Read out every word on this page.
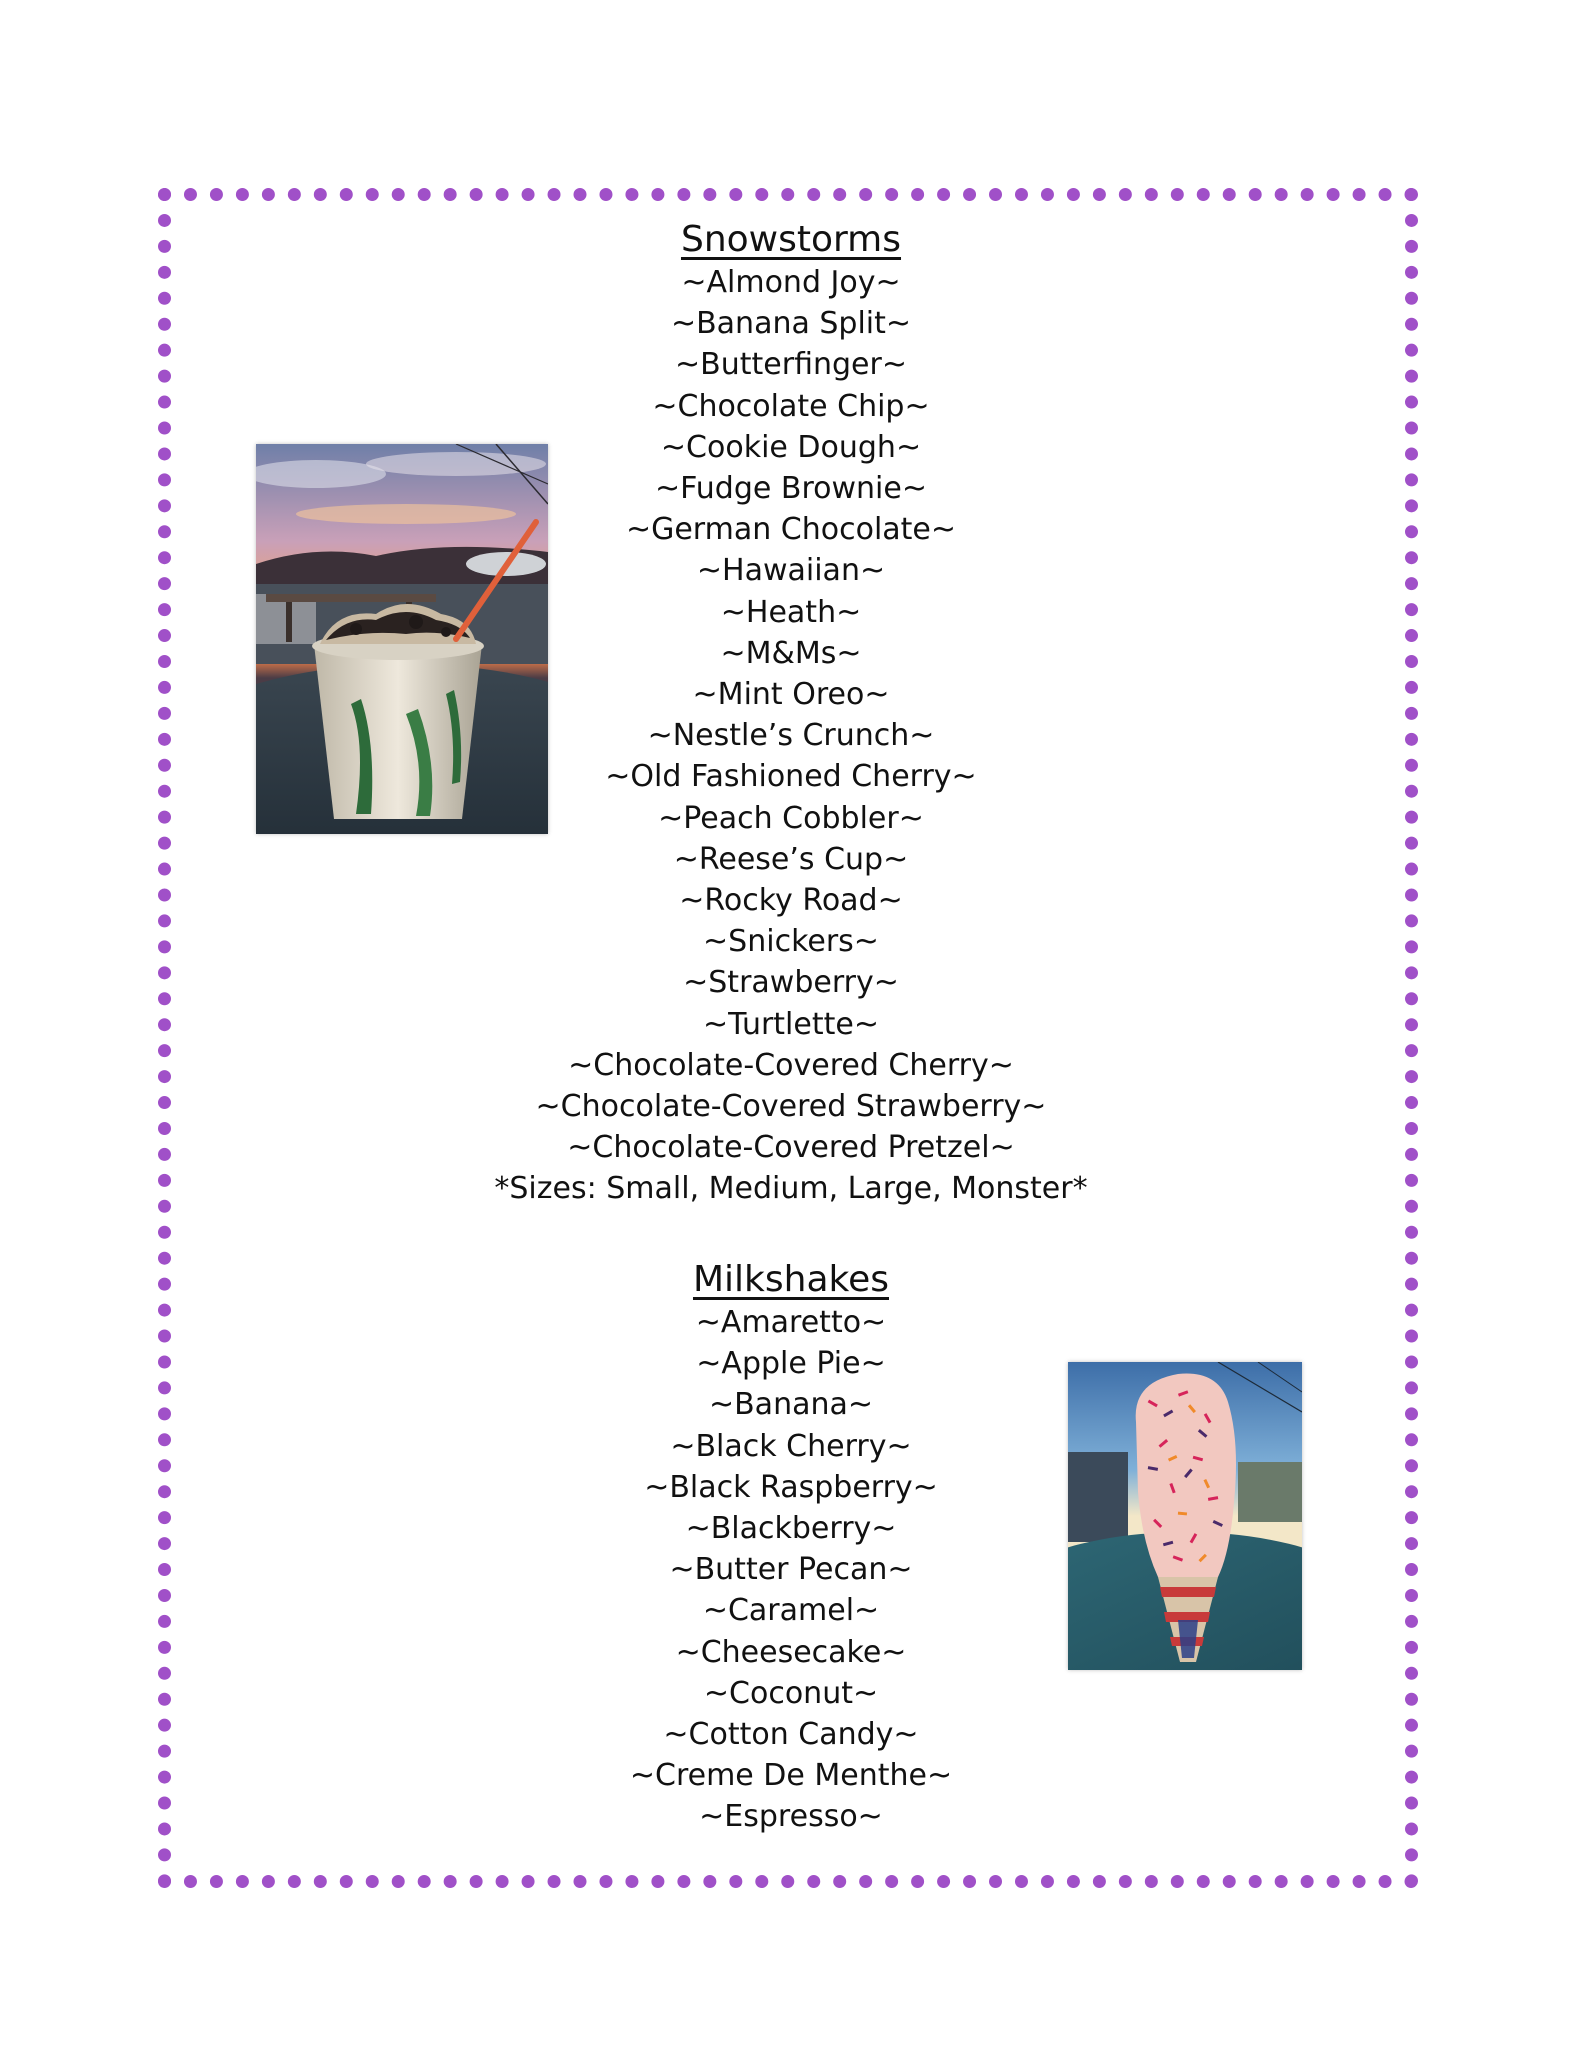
Snowstorms
~Almond Joy~
~Banana Split~
~Butterfinger~
~Chocolate Chip~
~Cookie Dough~
~Fudge Brownie~
~German Chocolate~
~Hawaiian~
~Heath~
~M&Ms~
~Mint Oreo~
~Nestle’s Crunch~
~Old Fashioned Cherry~
~Peach Cobbler~
~Reese’s Cup~
~Rocky Road~
~Snickers~
~Strawberry~
~Turtlette~
~Chocolate-Covered Cherry~
~Chocolate-Covered Strawberry~
~Chocolate-Covered Pretzel~

*Sizes: Small, Medium, Large, Monster*

Milkshakes
~Amaretto~
~Apple Pie~
~Banana~
~Black Cherry~
~Black Raspberry~
~Blackberry~
~Butter Pecan~
~Caramel~
~Cheesecake~
~Coconut~
~Cotton Candy~
~Creme De Menthe~
~Espresso~
